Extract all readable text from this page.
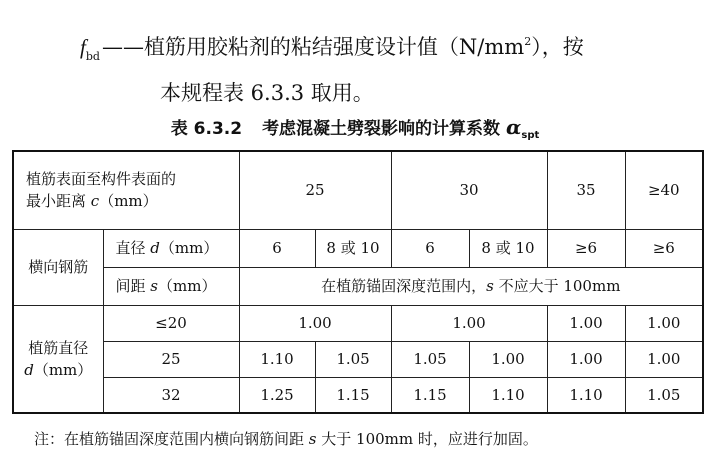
$f_{bd}——$植筋用胶粘剂的粘结强度设计值$(N/mm^2)$，按
本规程表 6.3.3 取用。
表 6.3.2 考虑混凝土劈裂影响的计算系数 $\alpha_{spt}$
植筋表面至构件表面的
最小距离 c（mm）		25		30		35	≥40
横向钢筋	直径 d（mm）	6	8 或 10	6	8 或 10	≥6	≥6
	间距 s（mm）	在植筋锚固深度范围内，s 不应大于 100mm					

植筋直径
d（mm）	≤20	1.00		1.00		1.00	1.00
	25	1.10	1.05	1.05	1.00	1.00	1.00
	32	1.25	1.15	1.15	1.10	1.10	1.05
注：在植筋锚固深度范围内横向钢筋间距 s 大于 100mm 时，应进行加固。
